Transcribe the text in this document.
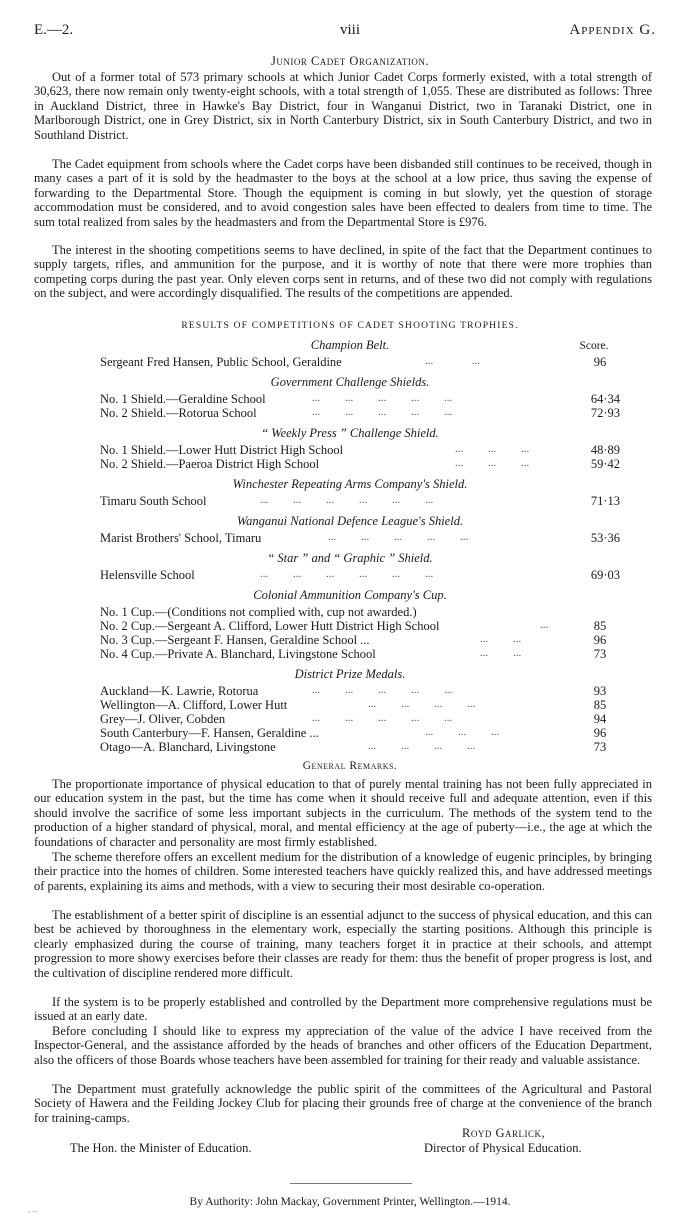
E.—2.	viii	Appendix G.
Junior Cadet Organization.

Out of a former total of 573 primary schools at which Junior Cadet Corps formerly existed, with a total strength of 30,623, there now remain only twenty-eight schools, with a total strength of 1,055. These are distributed as follows: Three in Auckland District, three in Hawke's Bay District, four in Wanganui District, two in Taranaki District, one in Marlborough District, one in Grey District, six in North Canterbury District, six in South Canterbury District, and two in Southland District.

The Cadet equipment from schools where the Cadet corps have been disbanded still continues to be received, though in many cases a part of it is sold by the headmaster to the boys at the school at a low price, thus saving the expense of forwarding to the Departmental Store. Though the equipment is coming in but slowly, yet the question of storage accommodation must be considered, and to avoid congestion sales have been effected to dealers from time to time. The sum total realized from sales by the headmasters and from the Departmental Store is £976.

The interest in the shooting competitions seems to have declined, in spite of the fact that the Department continues to supply targets, rifles, and ammunition for the purpose, and it is worthy of note that there were more trophies than competing corps during the past year. Only eleven corps sent in returns, and of these two did not comply with regulations on the subject, and were accordingly disqualified. The results of the competitions are appended.

RESULTS OF COMPETITIONS OF CADET SHOOTING TROPHIES.
Champion Belt.	Score.
Sergeant Fred Hansen, Public School, Geraldine	...              ...	96
Government Challenge Shields.
No. 1 Shield.—Geraldine School	...         ...         ...         ...         ...	64·34
No. 2 Shield.—Rotorua School	...         ...         ...         ...         ...	72·93
“ Weekly Press ” Challenge Shield.
No. 1 Shield.—Lower Hutt District High School	...         ...         ...	48·89
No. 2 Shield.—Paeroa District High School	...         ...         ...	59·42
Winchester Repeating Arms Company's Shield.
Timaru South School	...         ...         ...         ...         ...         ...	71·13
Wanganui National Defence League's Shield.
Marist Brothers' School, Timaru	...         ...         ...         ...         ...	53·36
“ Star ” and “ Graphic ” Shield.
Helensville School	...         ...         ...         ...         ...         ...	69·03
Colonial Ammunition Company's Cup.
No. 1 Cup.—(Conditions not complied with, cup not awarded.)
No. 2 Cup.—Sergeant A. Clifford, Lower Hutt District High School	...	85
No. 3 Cup.—Sergeant F. Hansen, Geraldine School ...	...         ...	96
No. 4 Cup.—Private A. Blanchard, Livingstone School	...         ...	73
District Prize Medals.
Auckland—K. Lawrie, Rotorua	...         ...         ...         ...         ...	93
Wellington—A. Clifford, Lower Hutt	...         ...         ...         ...	85
Grey—J. Oliver, Cobden	...         ...         ...         ...         ...	94
South Canterbury—F. Hansen, Geraldine ...	...         ...         ...	96
Otago—A. Blanchard, Livingstone	...         ...         ...         ...	73
General Remarks.

The proportionate importance of physical education to that of purely mental training has not been fully appreciated in our education system in the past, but the time has come when it should receive full and adequate attention, even if this should involve the sacrifice of some less important subjects in the curriculum. The methods of the system tend to the production of a higher standard of physical, moral, and mental efficiency at the age of puberty—i.e., the age at which the foundations of character and personality are most firmly established.

The scheme therefore offers an excellent medium for the distribution of a knowledge of eugenic principles, by bringing their practice into the homes of children. Some interested teachers have quickly realized this, and have addressed meetings of parents, explaining its aims and methods, with a view to securing their most desirable co-operation.

The establishment of a better spirit of discipline is an essential adjunct to the success of physical education, and this can best be achieved by thoroughness in the elementary work, especially the starting positions. Although this principle is clearly emphasized during the course of training, many teachers forget it in practice at their schools, and attempt progression to more showy exercises before their classes are ready for them: thus the benefit of proper progress is lost, and the cultivation of discipline rendered more difficult.

If the system is to be properly established and controlled by the Department more comprehensive regulations must be issued at an early date.

Before concluding I should like to express my appreciation of the value of the advice I have received from the Inspector-General, and the assistance afforded by the heads of branches and other officers of the Education Department, also the officers of those Boards whose teachers have been assembled for training for their ready and valuable assistance.

The Department must gratefully acknowledge the public spirit of the committees of the Agricultural and Pastoral Society of Hawera and the Feilding Jockey Club for placing their grounds free of charge at the convenience of the branch for training-camps.

Royd Garlick,
The Hon. the Minister of Education.	Director of Physical Education.
By Authority: John Mackay, Government Printer, Wellington.—1914.
, ...
